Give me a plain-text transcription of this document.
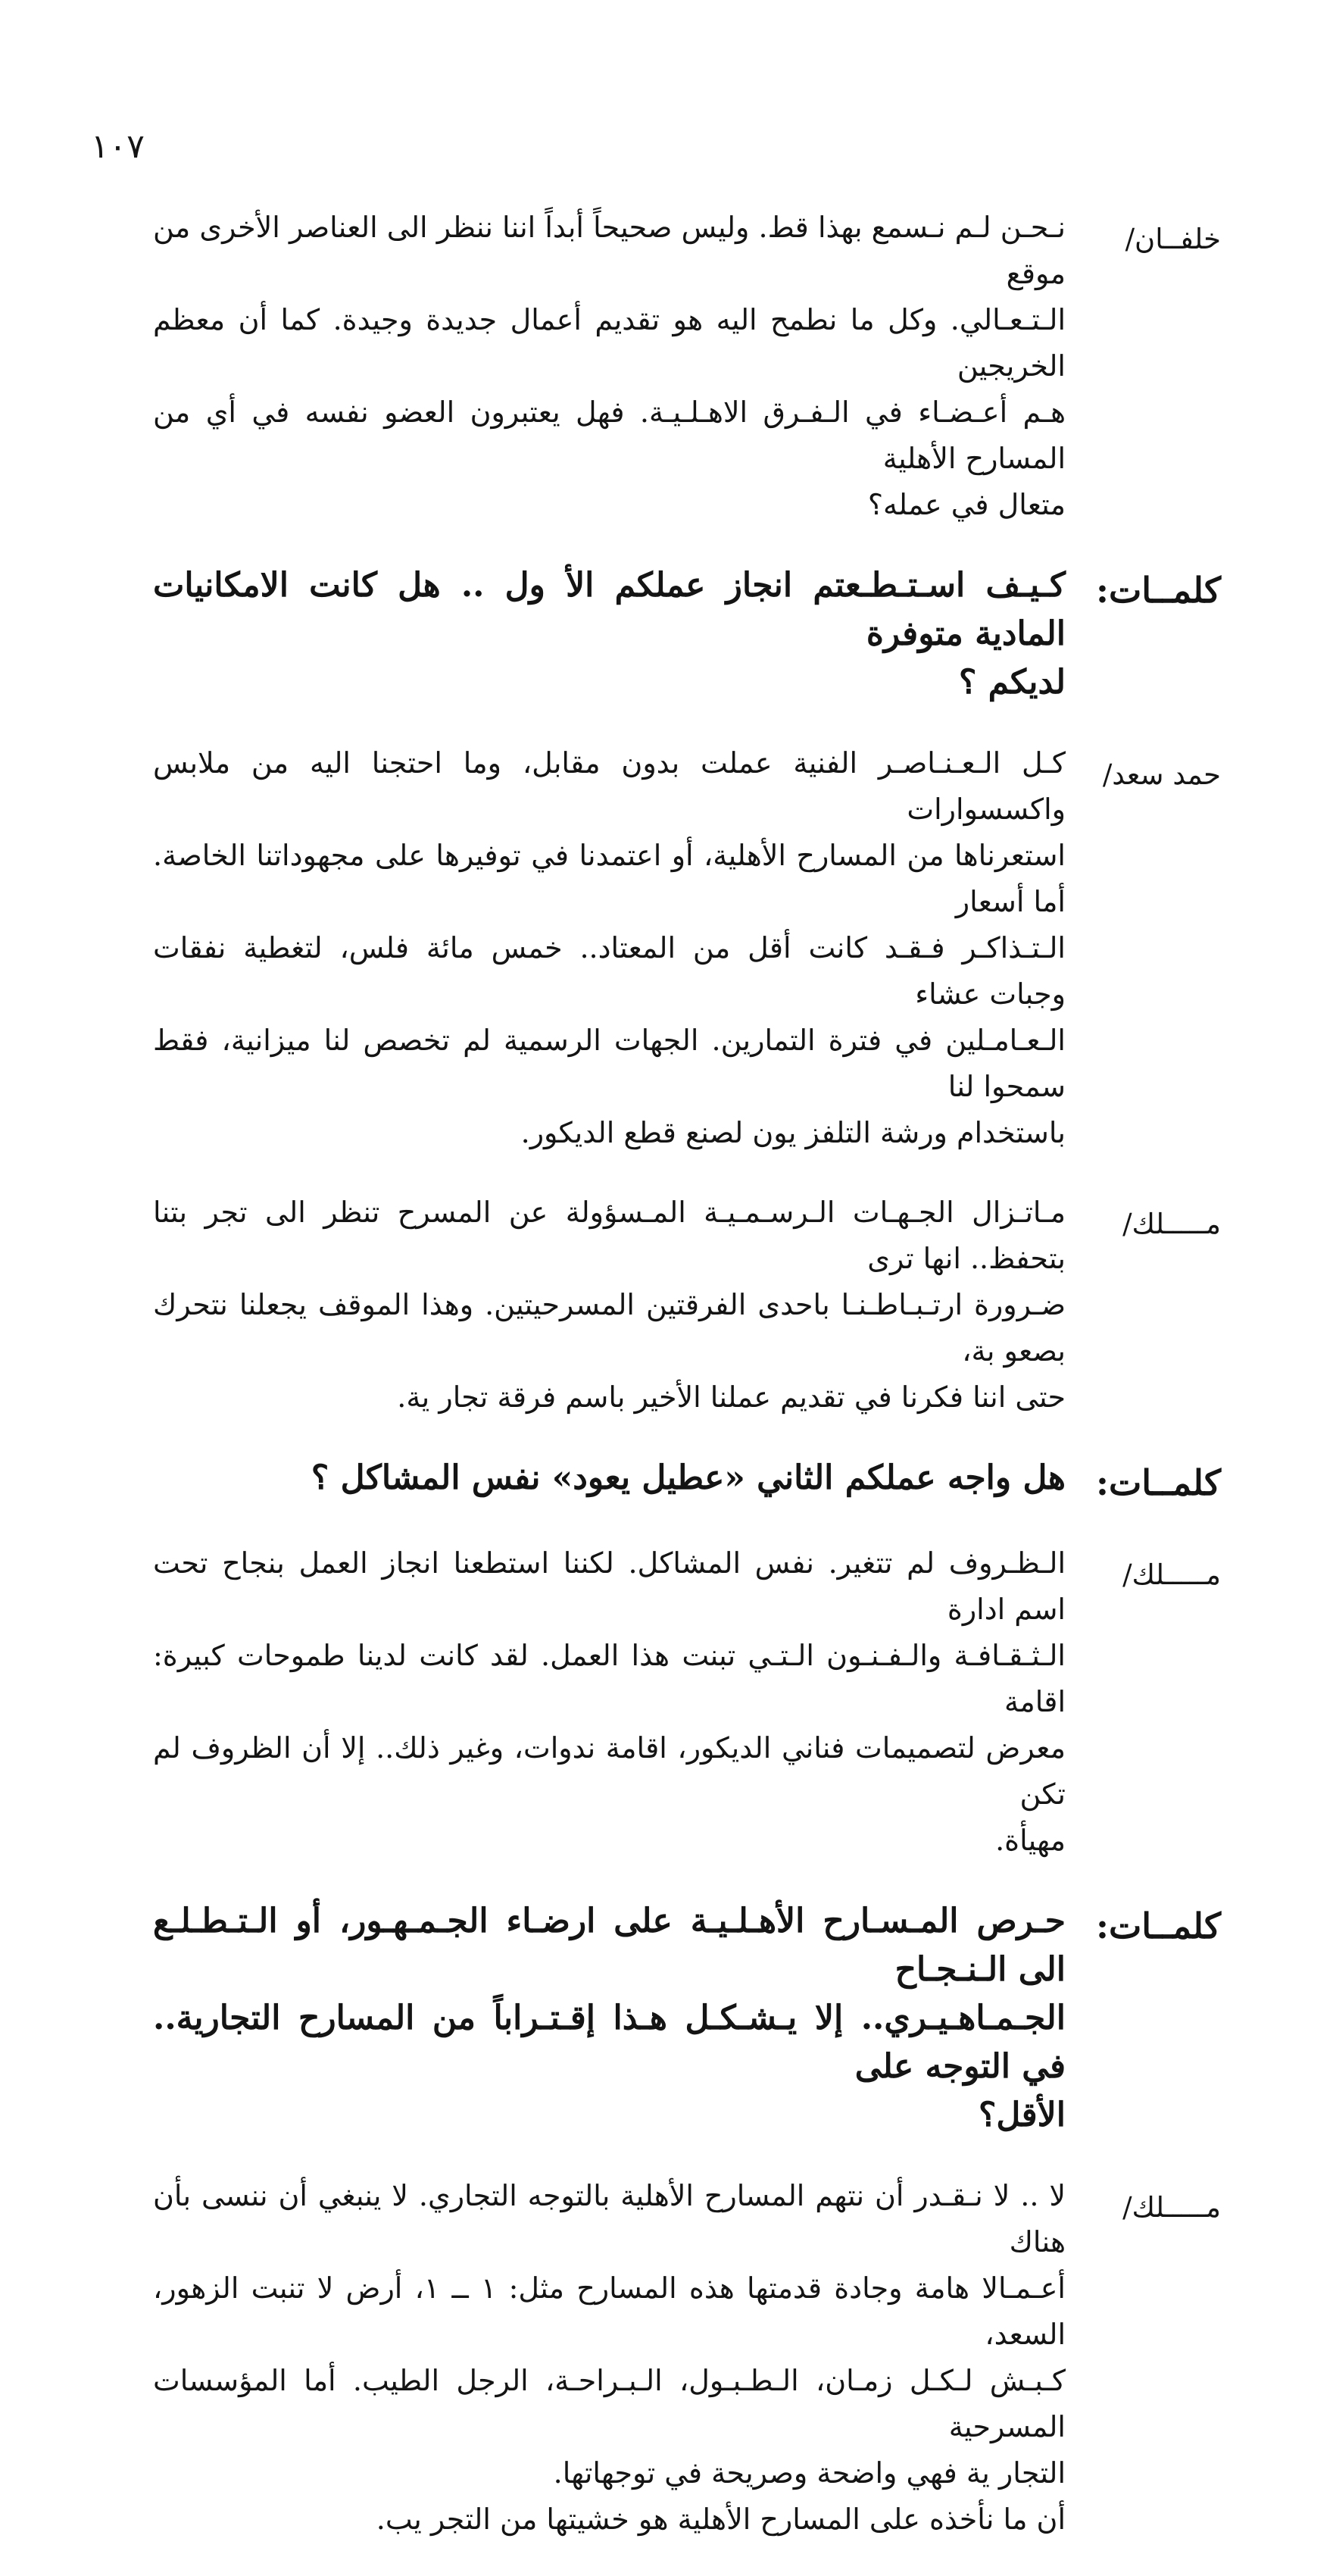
١٠٧
خلفــان/
نـحـن لـم نـسمع بهذا قط. وليس صحيحاً أبداً اننا ننظر الى العناصر الأخرى من موقع
الـتـعـالي. وكل ما نطمح اليه هو تقديم أعمال جديدة وجيدة. كما أن معظم الخريجين
هـم أعـضـاء في الـفـرق الاهـلـيـة. فهل يعتبرون العضو نفسه في أي من المسارح الأهلية
متعال في عمله؟
كلمــات:
كـيـف اسـتـطـعتم انجاز عملكم الأ ول .. هل كانت الامكانيات المادية متوفرة
لديكم ؟
حمد سعد/
كـل الـعـنـاصـر الفنية عملت بدون مقابل، وما احتجنا اليه من ملابس واكسسوارات
استعرناها من المسارح الأهلية، أو اعتمدنا في توفيرها على مجهوداتنا الخاصة. أما أسعار
الـتـذاكـر فـقـد كانت أقل من المعتاد.. خمس مائة فلس، لتغطية نفقات وجبات عشاء
الـعـامـلين في فترة التمارين. الجهات الرسمية لم تخصص لنا ميزانية، فقط سمحوا لنا
باستخدام ورشة التلفز يون لصنع قطع الديكور.
مـــــلك/
مـاتـزال الجـهـات الـرسـمـيـة المـسؤولة عن المسرح تنظر الى تجر بتنا بتحفظ.. انها ترى
ضـرورة ارتـبـاطـنـا باحدى الفرقتين المسرحيتين. وهذا الموقف يجعلنا نتحرك بصعو بة،
حتى اننا فكرنا في تقديم عملنا الأخير باسم فرقة تجار ية.
كلمــات:
هل واجه عملكم الثاني «عطيل يعود» نفس المشاكل ؟
مـــــلك/
الـظـروف لم تتغير. نفس المشاكل. لكننا استطعنا انجاز العمل بنجاح تحت اسم ادارة
الـثـقـافـة والـفـنـون الـتـي تبنت هذا العمل. لقد كانت لدينا طموحات كبيرة: اقامة
معرض لتصميمات فناني الديكور، اقامة ندوات، وغير ذلك.. إلا أن الظروف لم تكن
مهيأة.
كلمــات:
حـرص المـسـارح الأهـلـيـة على ارضـاء الجـمـهـور، أو الـتـطـلـع الى الـنـجـاح
الجـمـاهـيـري.. إلا يـشـكـل هـذا إقـتـراباً من المسارح التجارية.. في التوجه على
الأقل؟
مـــــلك/
لا .. لا نـقـدر أن نتهم المسارح الأهلية بالتوجه التجاري. لا ينبغي أن ننسى بأن هناك
أعـمـالا هامة وجادة قدمتها هذه المسارح مثل: ١ ــ ١، أرض لا تنبت الزهور، السعد،
كـبـش لـكـل زمـان، الـطـبـول، الـبـراحـة، الرجل الطيب. أما المؤسسات المسرحية
التجار ية فهي واضحة وصريحة في توجهاتها.
أن ما نأخذه على المسارح الأهلية هو خشيتها من التجر يب.
